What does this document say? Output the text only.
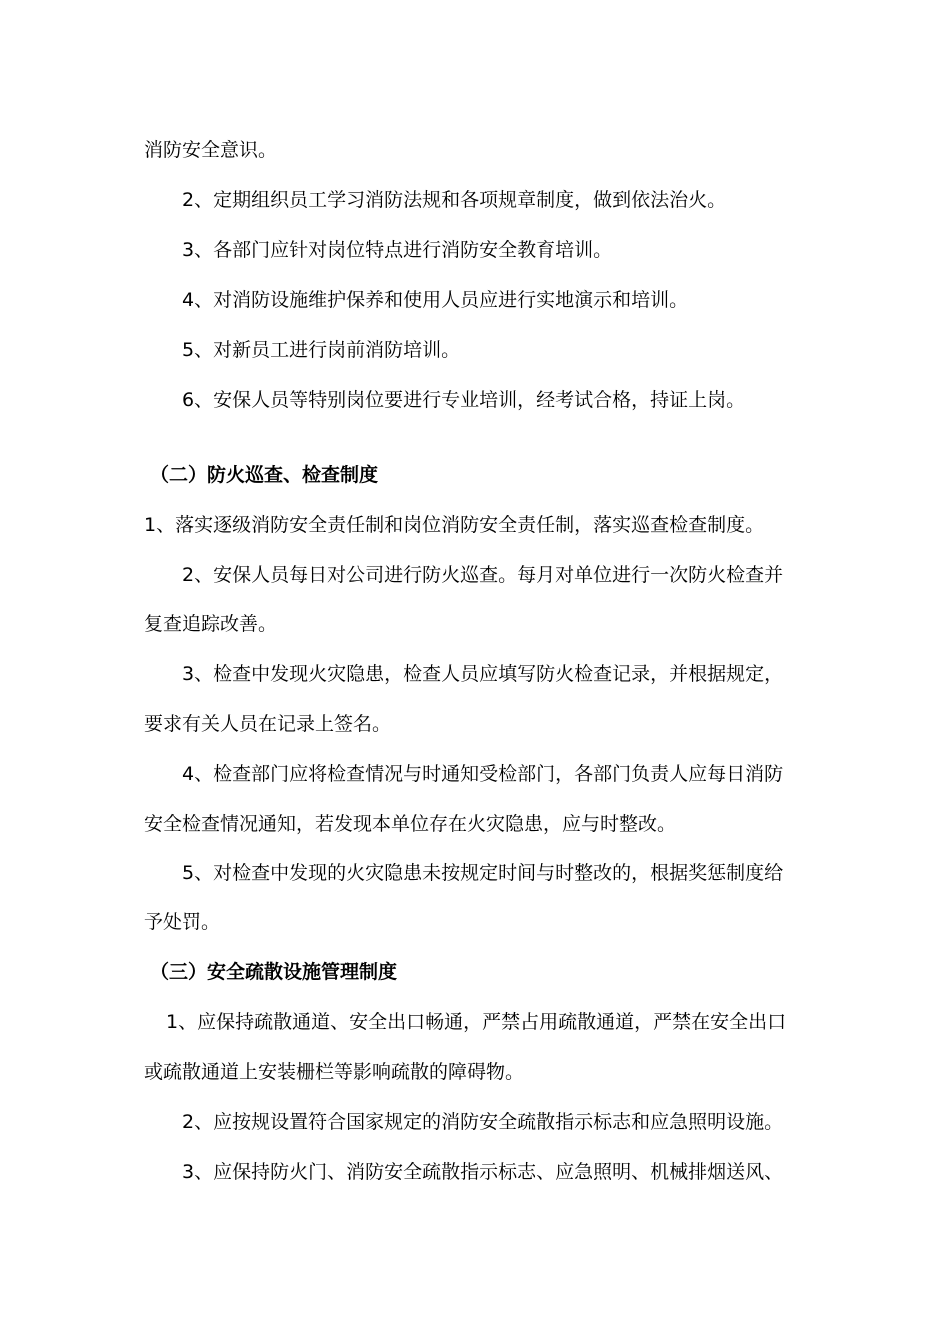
消防安全意识。
2、定期组织员工学习消防法规和各项规章制度，做到依法治火。
3、各部门应针对岗位特点进行消防安全教育培训。
4、对消防设施维护保养和使用人员应进行实地演示和培训。
5、对新员工进行岗前消防培训。
6、安保人员等特别岗位要进行专业培训，经考试合格，持证上岗。
（二）防火巡查、检查制度
1、落实逐级消防安全责任制和岗位消防安全责任制，落实巡查检查制度。
2、安保人员每日对公司进行防火巡查。每月对单位进行一次防火检查并
复查追踪改善。
3、检查中发现火灾隐患，检查人员应填写防火检查记录，并根据规定，
要求有关人员在记录上签名。
4、检查部门应将检查情况与时通知受检部门，各部门负责人应每日消防
安全检查情况通知，若发现本单位存在火灾隐患，应与时整改。
5、对检查中发现的火灾隐患未按规定时间与时整改的，根据奖惩制度给
予处罚。
（三）安全疏散设施管理制度
1、应保持疏散通道、安全出口畅通，严禁占用疏散通道，严禁在安全出口
或疏散通道上安装栅栏等影响疏散的障碍物。
2、应按规设置符合国家规定的消防安全疏散指示标志和应急照明设施。
3、应保持防火门、消防安全疏散指示标志、应急照明、机械排烟送风、
